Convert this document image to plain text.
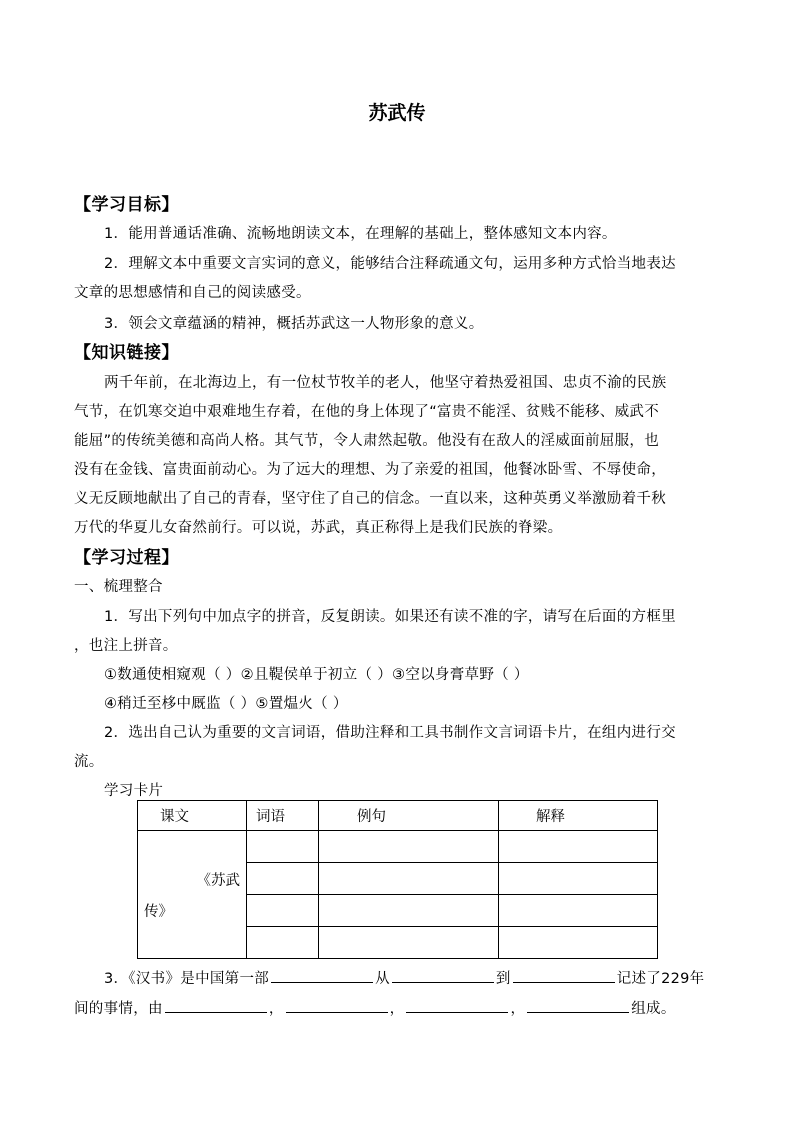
苏武传
【学习目标】
1．能用普通话准确、流畅地朗读文本，在理解的基础上，整体感知文本内容。
2．理解文本中重要文言实词的意义，能够结合注释疏通文句，运用多种方式恰当地表达
文章的思想感情和自己的阅读感受。
3．领会文章蕴涵的精神，概括苏武这一人物形象的意义。
【知识链接】
两千年前，在北海边上，有一位杖节牧羊的老人，他坚守着热爱祖国、忠贞不渝的民族
气节，在饥寒交迫中艰难地生存着，在他的身上体现了“富贵不能淫、贫贱不能移、威武不
能屈”的传统美德和高尚人格。其气节，令人肃然起敬。他没有在敌人的淫威面前屈服，也
没有在金钱、富贵面前动心。为了远大的理想、为了亲爱的祖国，他餐冰卧雪、不辱使命，
义无反顾地献出了自己的青春，坚守住了自己的信念。一直以来，这种英勇义举激励着千秋
万代的华夏儿女奋然前行。可以说，苏武，真正称得上是我们民族的脊梁。
【学习过程】
一、梳理整合
1．写出下列句中加点字的拼音，反复朗读。如果还有读不准的字，请写在后面的方框里
，也注上拼音。
①数通使相窥观（ ）②且鞮侯单于初立（ ）③空以身膏草野（ ）
④稍迁至栘中厩监（ ）⑤置煴火（ ）
2．选出自己认为重要的文言词语，借助注释和工具书制作文言词语卡片，在组内进行交
流。
学习卡片
课文	词语	例句	解释

《苏武
传》			

3．《汉书》是中国第一部	从	到	记述了229年
间的事情，由	，	，	，	组成。
